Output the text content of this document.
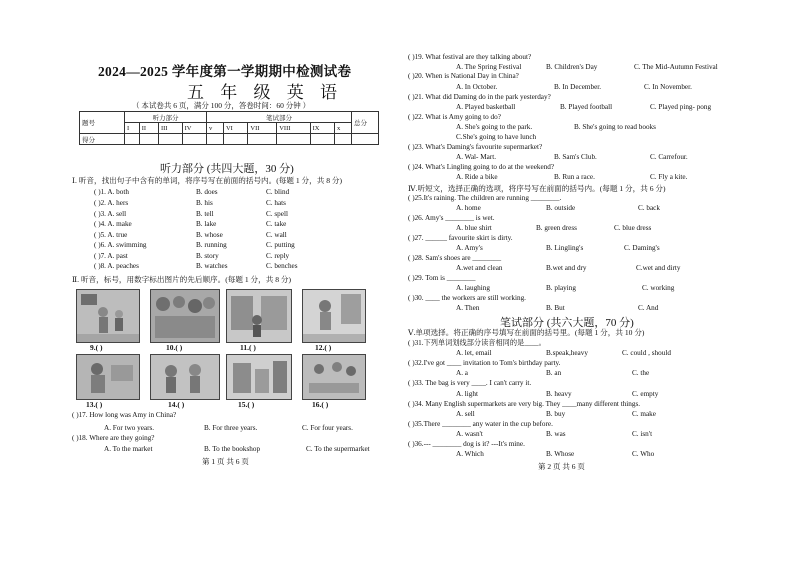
2024—2025 学年度第一学期期中检测试卷
五 年 级 英 语
（ 本试卷共 6 页，满分 100 分，答卷时间：60 分钟 ）
题号	听力部分				笔试部分						总分
	I	II	III	IV	v	VI	VII	VIII	IX	x	
得分											
听力部分 (共四大题，30 分)
Ⅰ. 听音，找出句子中含有的单词，将序号写在前面的括号内。(每题 1 分，共 8 分)
( )1. A. both	B. does	C. blind
( )2. A. hers	B. his	C. hats
( )3. A. sell	B. tell	C. spell
( )4. A. make	B. lake	C. take
( )5. A. true	B. whose	C. wall
( )6. A. swimming	B. running	C. putting
( )7. A. past	B. story	C. reply
( )8. A. peaches	B. watches	C. benches
Ⅱ. 听音，标号，用数字标出图片的先后顺序。(每题 1 分，共 8 分)
9.( )	10.( )	11.( )	12.( )
13.( )	14.( )	15.( )	16.( )
( )17. How long was Amy in China?
A. For two years.	B. For three years.	C. For four years.
( )18. Where are they going?
A. To the market	B. To the bookshop	C. To the supermarket
第 1 页 共 6 页
( )19. What festival are they talking about?
A. The Spring Festival	B. Children's Day	C. The Mid-Autumn Festival
( )20. When is National Day in China?
A. In October.	B. In December.	C. In November.
( )21. What did Daming do in the park yesterday?
A. Played basketball	B. Played football	C. Played ping- pong
( )22. What is Amy going to do?
A. She's going to the park.	B. She's going to read books
C.She's going to have lunch
( )23. What's Daming's favourite supermarket?
A. Wal- Mart.	B. Sam's Club.	C. Carrefour.
( )24. What's Lingling going to do at the weekend?
A. Ride a bike	B. Run a race.	C. Fly a kite.
Ⅳ.听短文，选择正确的选项，将序号写在前面的括号内。(每题 1 分，共 6 分)
( )25.It's raining. The children are running ________.
A. home	B. outside	C. back
( )26. Amy's ________ is wet.
A. blue shirt	B. green dress	C. blue dress
( )27. ______ favourite skirt is dirty.
A. Amy's	B. Lingling's	C. Daming's
( )28. Sam's shoes are ________
A.wet and clean	B.wet and dry	C.wet and dirty
( )29. Tom is ________
A. laughing	B. playing	C. working
( )30. ____ the workers are still working.
A. Then	B. But	C. And
笔试部分 (共六大题，70 分)
Ⅴ.单项选择。将正确的序号填写在前面的括号里。(每题 1 分，共 10 分)
( )31.下列单词划线部分读音相同的是____。
A. let, email	B.speak,heavy	C. could , should
( )32.I've got ____ invitation to Tom's birthday party.
A. a	B. an	C. the
( )33. The bag is very ____. I can't carry it.
A. light	B. heavy	C. empty
( )34. Many English supermarkets are very big. They ____many different things.
A. sell	B. buy	C. make
( )35.There ________ any water in the cup before.
A. wasn't	B. was	C. isn't
( )36.--- ________ dog is it? ---It's mine.
A. Which	B. Whose	C. Who
第 2 页 共 6 页
